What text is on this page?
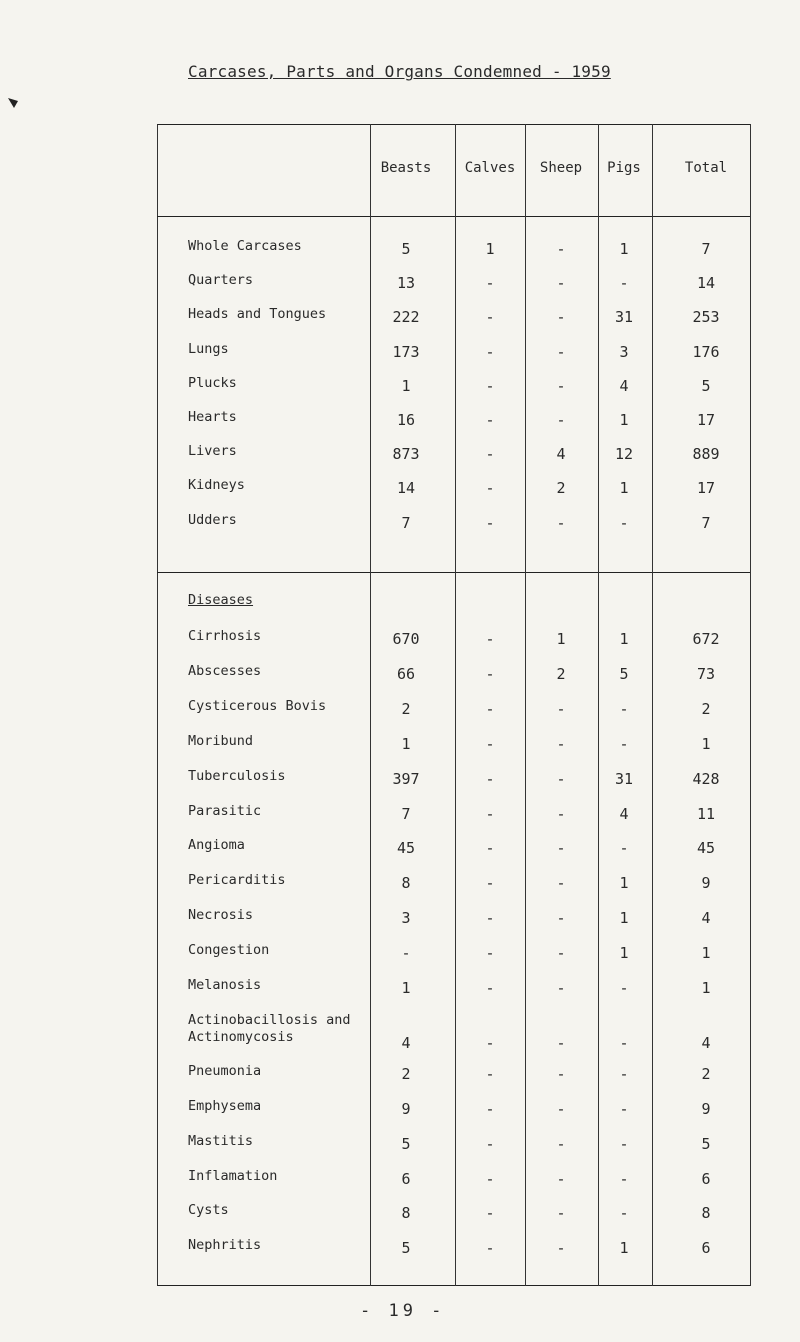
Carcases, Parts and Organs Condemned - 1959
Beasts	Calves	Sheep	Pigs	Total
Whole Carcases	5	1	-	1	7
Quarters	13	-	-	-	14
Heads and Tongues	222	-	-	31	253
Lungs	173	-	-	3	176
Plucks	1	-	-	4	5
Hearts	16	-	-	1	17
Livers	873	-	4	12	889
Kidneys	14	-	2	1	17
Udders	7	-	-	-	7
Diseases
Cirrhosis	670	-	1	1	672
Abscesses	66	-	2	5	73
Cysticerous Bovis	2	-	-	-	2
Moribund	1	-	-	-	1
Tuberculosis	397	-	-	31	428
Parasitic	7	-	-	4	11
Angioma	45	-	-	-	45
Pericarditis	8	-	-	1	9
Necrosis	3	-	-	1	4
Congestion	-	-	-	1	1
Melanosis	1	-	-	-	1
Actinobacillosis and
Actinomycosis	4	-	-	-	4
Pneumonia	2	-	-	-	2
Emphysema	9	-	-	-	9
Mastitis	5	-	-	-	5
Inflamation	6	-	-	-	6
Cysts	8	-	-	-	8
Nephritis	5	-	-	1	6
- 19 -
